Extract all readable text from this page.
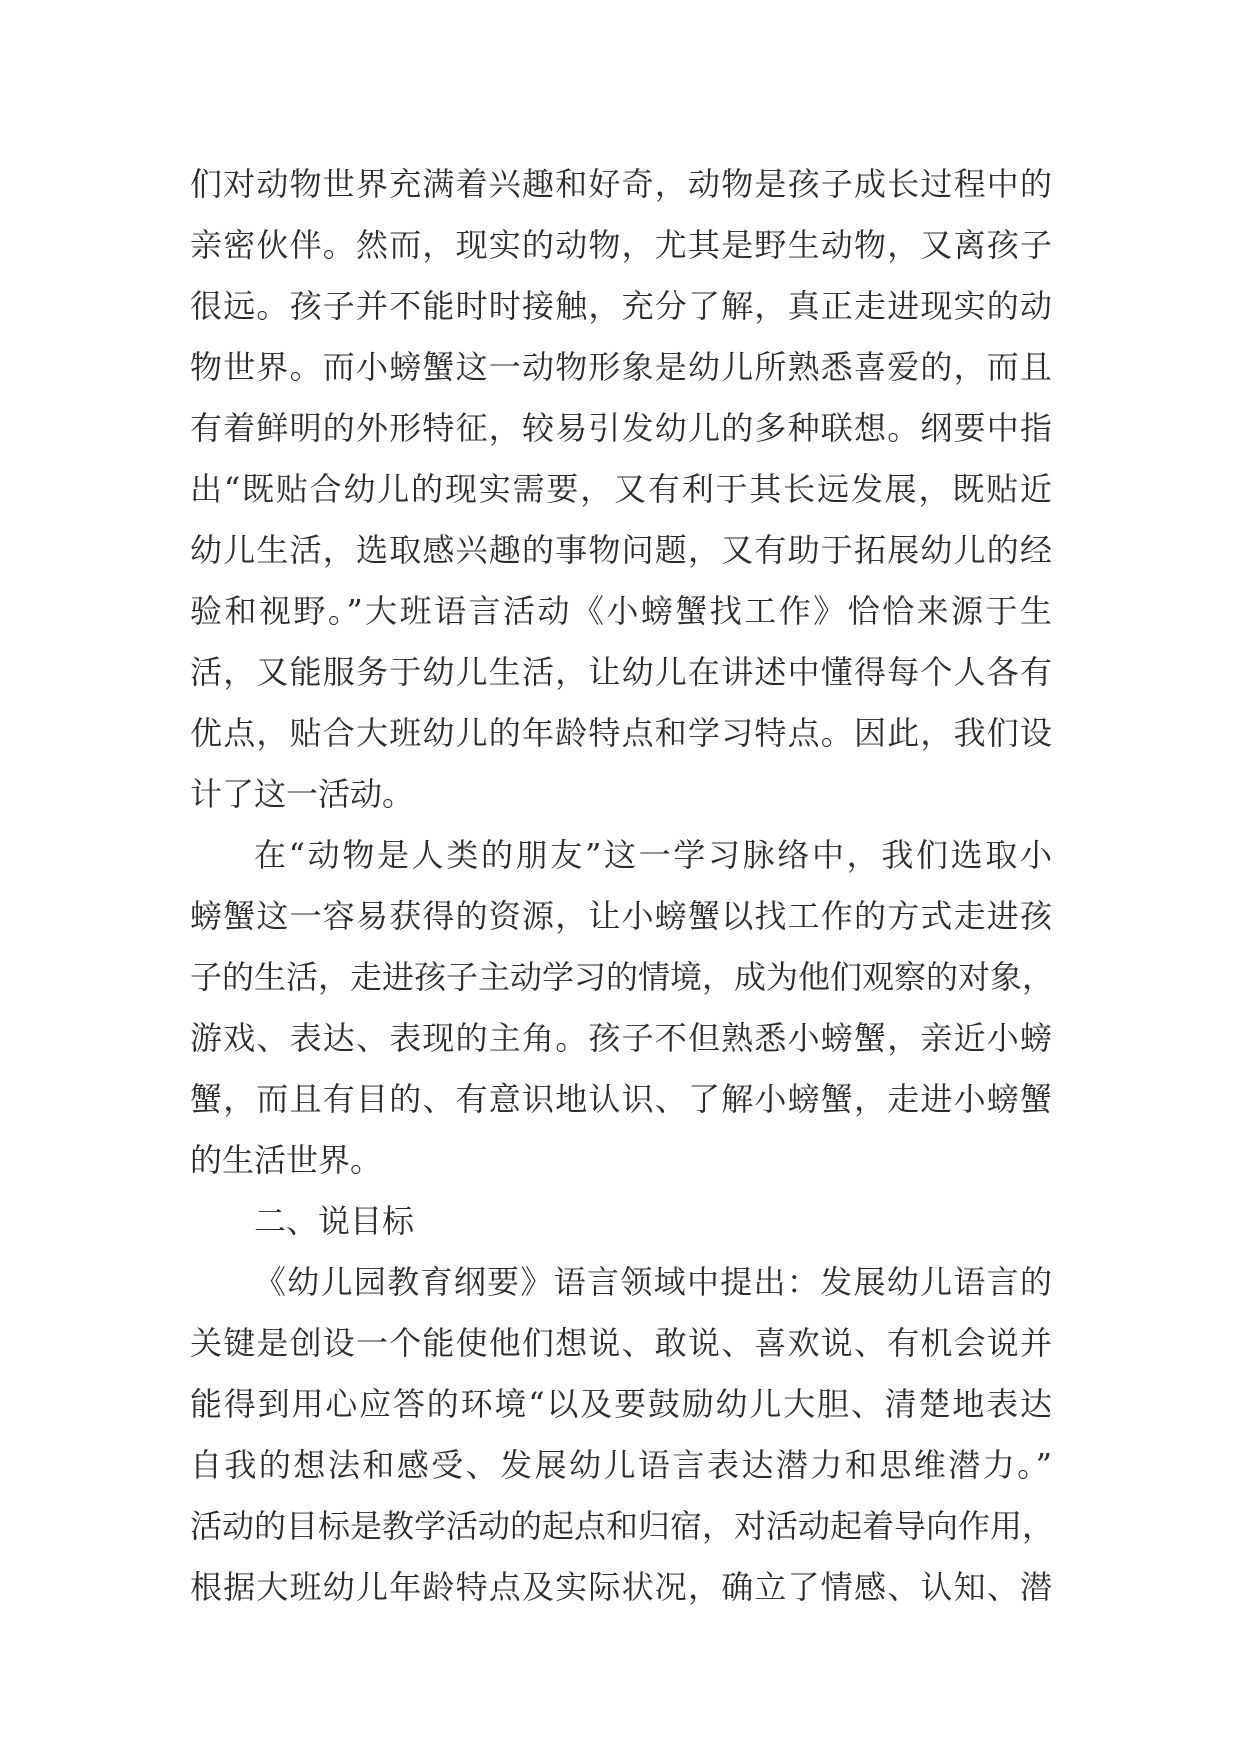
们对动物世界充满着兴趣和好奇，动物是孩子成长过程中的
亲密伙伴。然而，现实的动物，尤其是野生动物，又离孩子
很远。孩子并不能时时接触，充分了解，真正走进现实的动
物世界。而小螃蟹这一动物形象是幼儿所熟悉喜爱的，而且
有着鲜明的外形特征，较易引发幼儿的多种联想。纲要中指
出“既贴合幼儿的现实需要，又有利于其长远发展，既贴近
幼儿生活，选取感兴趣的事物问题，又有助于拓展幼儿的经
验和视野。”大班语言活动《小螃蟹找工作》恰恰来源于生
活，又能服务于幼儿生活，让幼儿在讲述中懂得每个人各有
优点，贴合大班幼儿的年龄特点和学习特点。因此，我们设
计了这一活动。
在“动物是人类的朋友”这一学习脉络中，我们选取小
螃蟹这一容易获得的资源，让小螃蟹以找工作的方式走进孩
子的生活，走进孩子主动学习的情境，成为他们观察的对象，
游戏、表达、表现的主角。孩子不但熟悉小螃蟹，亲近小螃
蟹，而且有目的、有意识地认识、了解小螃蟹，走进小螃蟹
的生活世界。
二、说目标
《幼儿园教育纲要》语言领域中提出：发展幼儿语言的
关键是创设一个能使他们想说、敢说、喜欢说、有机会说并
能得到用心应答的环境“以及要鼓励幼儿大胆、清楚地表达
自我的想法和感受、发展幼儿语言表达潜力和思维潜力。”
活动的目标是教学活动的起点和归宿，对活动起着导向作用，
根据大班幼儿年龄特点及实际状况，确立了情感、认知、潜
